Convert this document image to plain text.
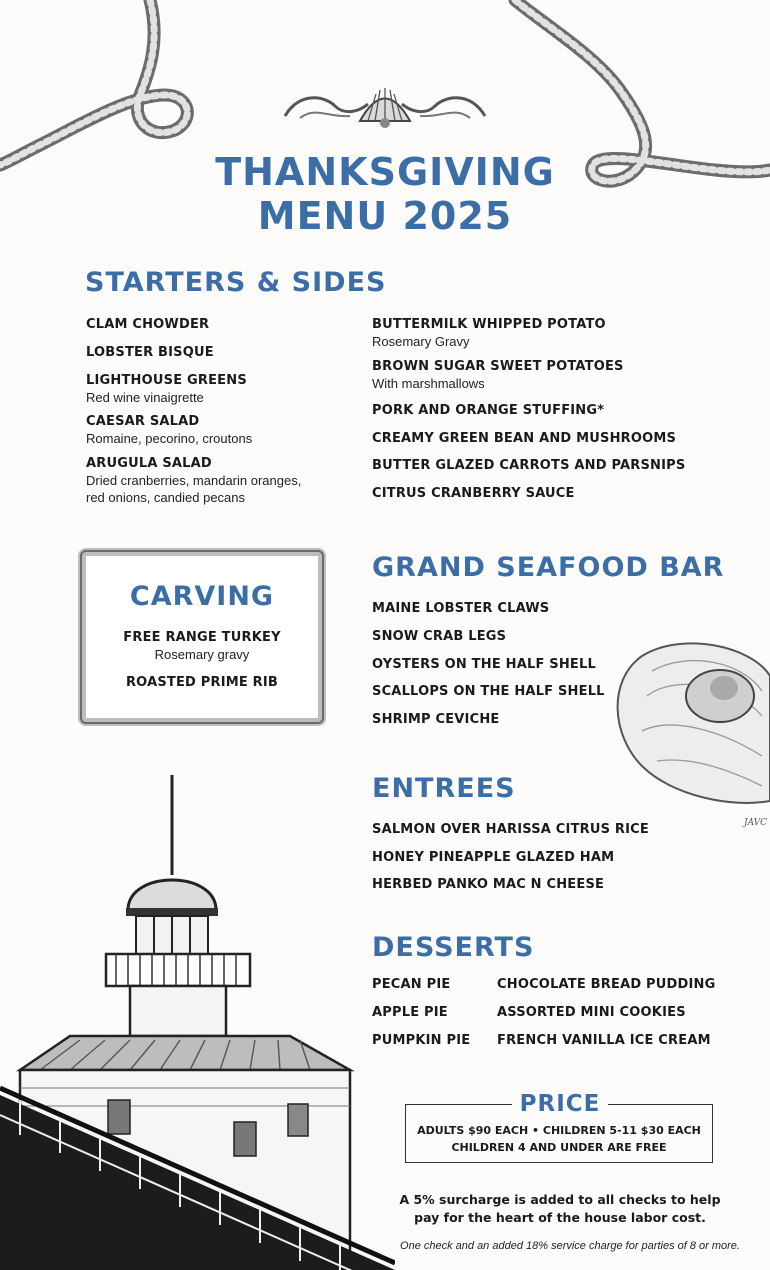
THANKSGIVING
MENU 2025
STARTERS & SIDES
CLAM CHOWDER
LOBSTER BISQUE
LIGHTHOUSE GREENS
Red wine vinaigrette
CAESAR SALAD
Romaine, pecorino, croutons
ARUGULA SALAD
Dried cranberries, mandarin oranges,
red onions, candied pecans
BUTTERMILK WHIPPED POTATO
Rosemary Gravy
BROWN SUGAR SWEET POTATOES
With marshmallows
PORK AND ORANGE STUFFING*
CREAMY GREEN BEAN AND MUSHROOMS
BUTTER GLAZED CARROTS AND PARSNIPS
CITRUS CRANBERRY SAUCE
CARVING
FREE RANGE TURKEY
Rosemary gravy
ROASTED PRIME RIB
GRAND SEAFOOD BAR
MAINE LOBSTER CLAWS
SNOW CRAB LEGS
OYSTERS ON THE HALF SHELL
SCALLOPS ON THE HALF SHELL
SHRIMP CEVICHE
JAVC
ENTREES
SALMON OVER HARISSA CITRUS RICE
HONEY PINEAPPLE GLAZED HAM
HERBED PANKO MAC N CHEESE
DESSERTS
PECAN PIE
APPLE PIE
PUMPKIN PIE
CHOCOLATE BREAD PUDDING
ASSORTED MINI COOKIES
FRENCH VANILLA ICE CREAM
PRICE
ADULTS $90 EACH • CHILDREN 5-11 $30 EACH
CHILDREN 4 AND UNDER ARE FREE
A 5% surcharge is added to all checks to help
pay for the heart of the house labor cost.
One check and an added 18% service charge for parties of 8 or more.
